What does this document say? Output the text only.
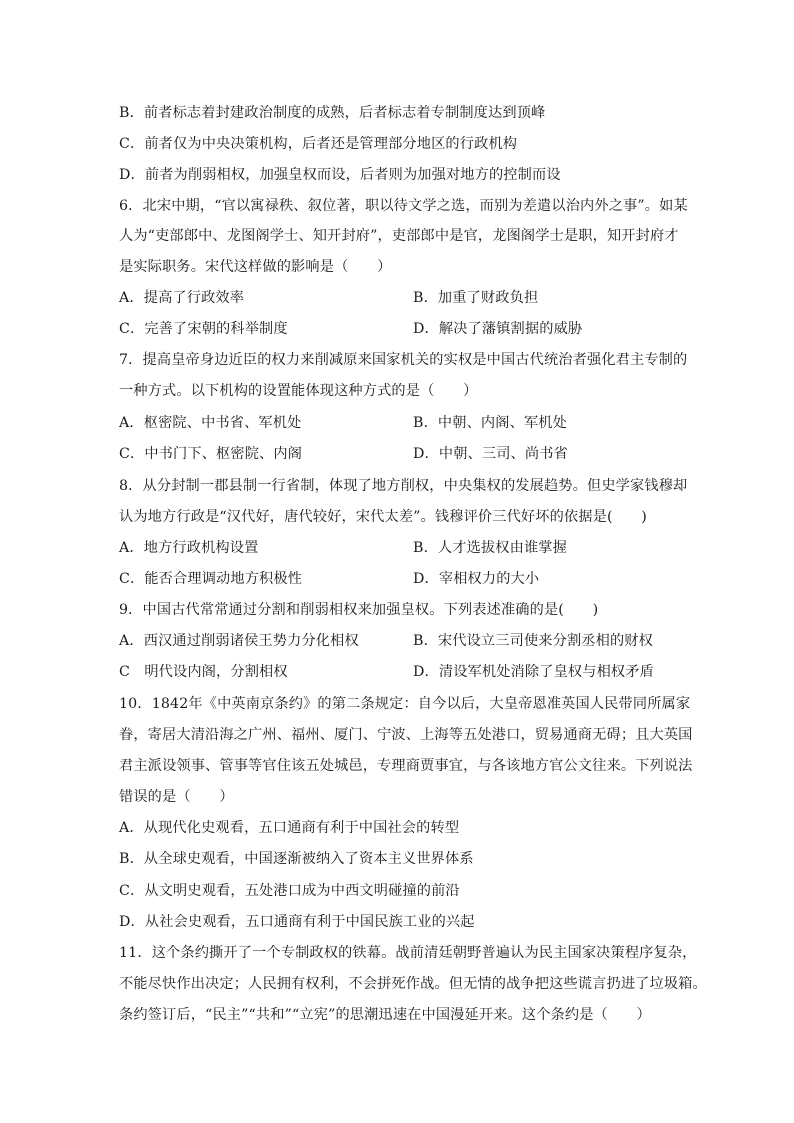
B．前者标志着封建政治制度的成熟，后者标志着专制制度达到顶峰
C．前者仅为中央决策机构，后者还是管理部分地区的行政机构
D．前者为削弱相权，加强皇权而设，后者则为加强对地方的控制而设
6．北宋中期，“官以寓禄秩、叙位著，职以待文学之选，而别为差遣以治内外之事”。如某
人为“吏部郎中、龙图阁学士、知开封府”，吏部郎中是官，龙图阁学士是职，知开封府才
是实际职务。宋代这样做的影响是（　　）
A．提高了行政效率	B．加重了财政负担
C．完善了宋朝的科举制度	D．解决了藩镇割据的威胁
7．提高皇帝身边近臣的权力来削减原来国家机关的实权是中国古代统治者强化君主专制的
一种方式。以下机构的设置能体现这种方式的是（　　）
A．枢密院、中书省、军机处	B．中朝、内阁、军机处
C．中书门下、枢密院、内阁	D．中朝、三司、尚书省
8．从分封制一郡县制一行省制，体现了地方削权，中央集权的发展趋势。但史学家钱穆却
认为地方行政是“汉代好，唐代较好，宋代太差”。钱穆评价三代好坏的依据是(　　)
A．地方行政机构设置	B．人才选拔权由谁掌握
C．能否合理调动地方积极性	D．宰相权力的大小
9．中国古代常常通过分割和削弱相权来加强皇权。下列表述准确的是(　　)
A．西汉通过削弱诸侯王势力分化相权	B．宋代设立三司使来分割丞相的财权
C　明代设内阁，分割相权	D．清设军机处消除了皇权与相权矛盾
10．1842年《中英南京条约》的第二条规定：自今以后，大皇帝恩准英国人民带同所属家
眷，寄居大清沿海之广州、福州、厦门、宁波、上海等五处港口，贸易通商无碍；且大英国
君主派设领事、管事等官住该五处城邑，专理商贾事宜，与各该地方官公文往来。下列说法
错误的是（　　）
A．从现代化史观看，五口通商有利于中国社会的转型
B．从全球史观看，中国逐渐被纳入了资本主义世界体系
C．从文明史观看，五处港口成为中西文明碰撞的前沿
D．从社会史观看，五口通商有利于中国民族工业的兴起
11．这个条约撕开了一个专制政权的铁幕。战前清廷朝野普遍认为民主国家决策程序复杂，
不能尽快作出决定；人民拥有权利，不会拼死作战。但无情的战争把这些谎言扔进了垃圾箱。
条约签订后，“民主”“共和”“立宪”的思潮迅速在中国漫延开来。这个条约是（　　）
